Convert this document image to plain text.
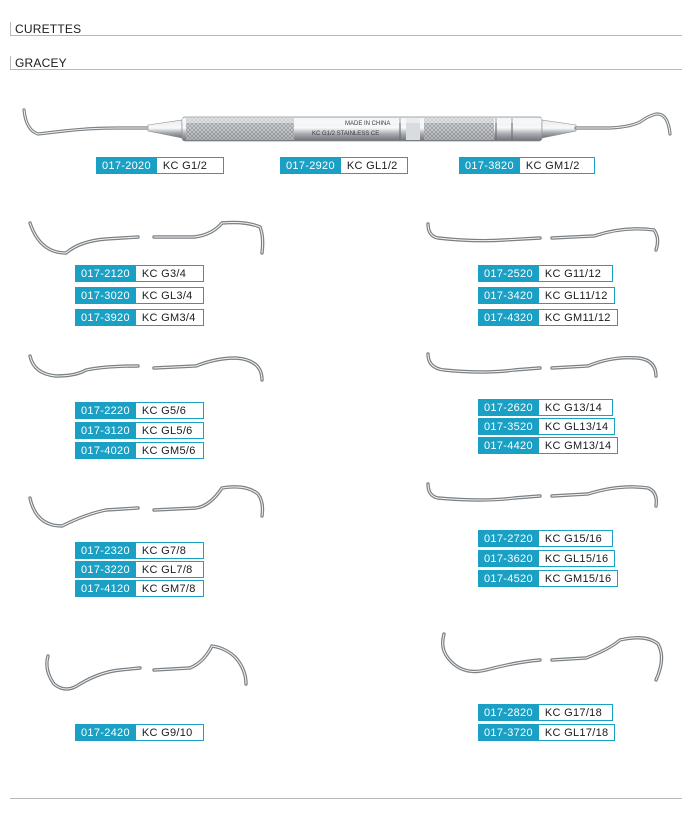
CURETTES
GRACEY
MADE IN CHINA
KC G1/2 STAINLESS CE
017-2020	KC G1/2	017-2920	KC GL1/2	017-3820	KC GM1/2
017-2120	KC G3/4
017-3020	KC GL3/4
017-3920	KC GM3/4
017-2520	KC G11/12
017-3420	KC GL11/12
017-4320	KC GM11/12
017-2220	KC G5/6
017-3120	KC GL5/6
017-4020	KC GM5/6
017-2620	KC G13/14
017-3520	KC GL13/14
017-4420	KC GM13/14
017-2320	KC G7/8
017-3220	KC GL7/8
017-4120	KC GM7/8
017-2720	KC G15/16
017-3620	KC GL15/16
017-4520	KC GM15/16
017-2420	KC G9/10
017-2820	KC G17/18
017-3720	KC GL17/18
